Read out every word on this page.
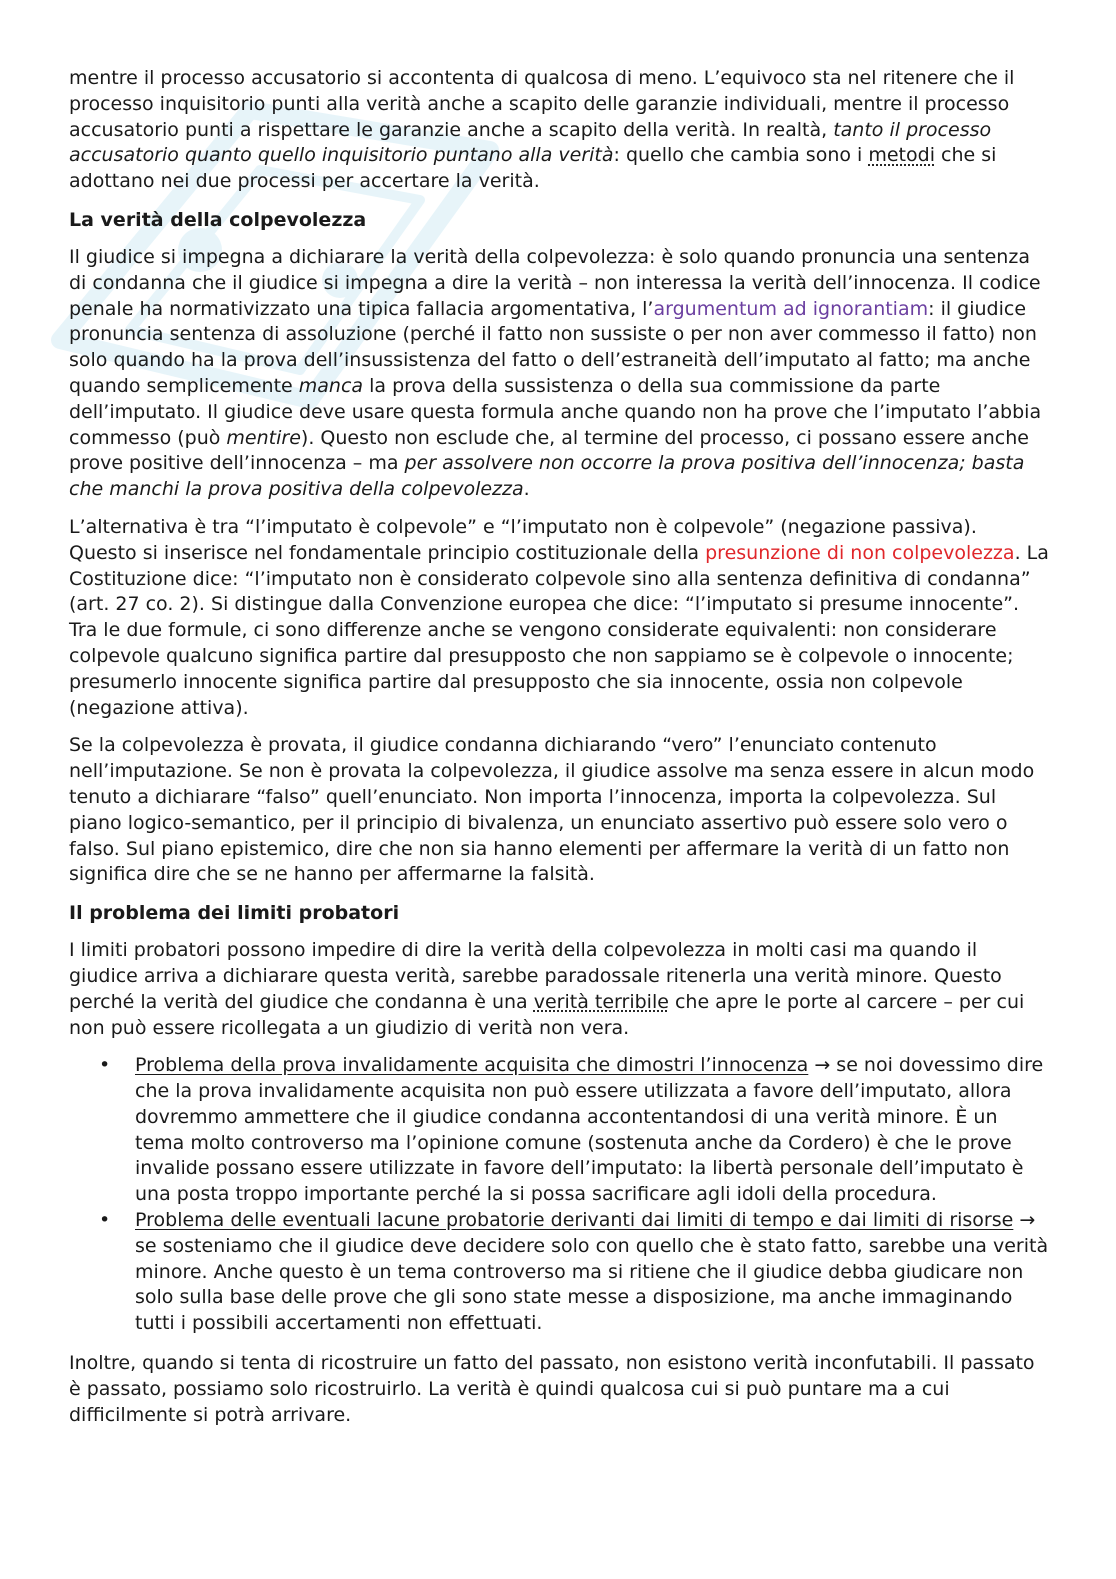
mentre il processo accusatorio si accontenta di qualcosa di meno. L’equivoco sta nel ritenere che il processo inquisitorio punti alla verità anche a scapito delle garanzie individuali, mentre il processo accusatorio punti a rispettare le garanzie anche a scapito della verità. In realtà, tanto il processo accusatorio quanto quello inquisitorio puntano alla verità: quello che cambia sono i metodi che si adottano nei due processi per accertare la verità.

La verità della colpevolezza

Il giudice si impegna a dichiarare la verità della colpevolezza: è solo quando pronuncia una sentenza di condanna che il giudice si impegna a dire la verità – non interessa la verità dell’innocenza. Il codice penale ha normativizzato una tipica fallacia argomentativa, l’argumentum ad ignorantiam: il giudice pronuncia sentenza di assoluzione (perché il fatto non sussiste o per non aver commesso il fatto) non solo quando ha la prova dell’insussistenza del fatto o dell’estraneità dell’imputato al fatto; ma anche quando semplicemente manca la prova della sussistenza o della sua commissione da parte dell’imputato. Il giudice deve usare questa formula anche quando non ha prove che l’imputato l’abbia commesso (può mentire). Questo non esclude che, al termine del processo, ci possano essere anche prove positive dell’innocenza – ma per assolvere non occorre la prova positiva dell’innocenza; basta che manchi la prova positiva della colpevolezza.

L’alternativa è tra “l’imputato è colpevole” e “l’imputato non è colpevole” (negazione passiva). Questo si inserisce nel fondamentale principio costituzionale della presunzione di non colpevolezza. La Costituzione dice: “l’imputato non è considerato colpevole sino alla sentenza definitiva di condanna” (art. 27 co. 2). Si distingue dalla Convenzione europea che dice: “l’imputato si presume innocente”. Tra le due formule, ci sono differenze anche se vengono considerate equivalenti: non considerare colpevole qualcuno significa partire dal presupposto che non sappiamo se è colpevole o innocente; presumerlo innocente significa partire dal presupposto che sia innocente, ossia non colpevole (negazione attiva).

Se la colpevolezza è provata, il giudice condanna dichiarando “vero” l’enunciato contenuto nell’imputazione. Se non è provata la colpevolezza, il giudice assolve ma senza essere in alcun modo tenuto a dichiarare “falso” quell’enunciato. Non importa l’innocenza, importa la colpevolezza. Sul piano logico-semantico, per il principio di bivalenza, un enunciato assertivo può essere solo vero o falso. Sul piano epistemico, dire che non sia hanno elementi per affermare la verità di un fatto non significa dire che se ne hanno per affermarne la falsità.

Il problema dei limiti probatori

I limiti probatori possono impedire di dire la verità della colpevolezza in molti casi ma quando il giudice arriva a dichiarare questa verità, sarebbe paradossale ritenerla una verità minore. Questo perché la verità del giudice che condanna è una verità terribile che apre le porte al carcere – per cui non può essere ricollegata a un giudizio di verità non vera.

• Problema della prova invalidamente acquisita che dimostri l’innocenza → se noi dovessimo dire che la prova invalidamente acquisita non può essere utilizzata a favore dell’imputato, allora dovremmo ammettere che il giudice condanna accontentandosi di una verità minore. È un tema molto controverso ma l’opinione comune (sostenuta anche da Cordero) è che le prove invalide possano essere utilizzate in favore dell’imputato: la libertà personale dell’imputato è una posta troppo importante perché la si possa sacrificare agli idoli della procedura.
• Problema delle eventuali lacune probatorie derivanti dai limiti di tempo e dai limiti di risorse → se sosteniamo che il giudice deve decidere solo con quello che è stato fatto, sarebbe una verità minore. Anche questo è un tema controverso ma si ritiene che il giudice debba giudicare non solo sulla base delle prove che gli sono state messe a disposizione, ma anche immaginando tutti i possibili accertamenti non effettuati.

Inoltre, quando si tenta di ricostruire un fatto del passato, non esistono verità inconfutabili. Il passato è passato, possiamo solo ricostruirlo. La verità è quindi qualcosa cui si può puntare ma a cui difficilmente si potrà arrivare.
